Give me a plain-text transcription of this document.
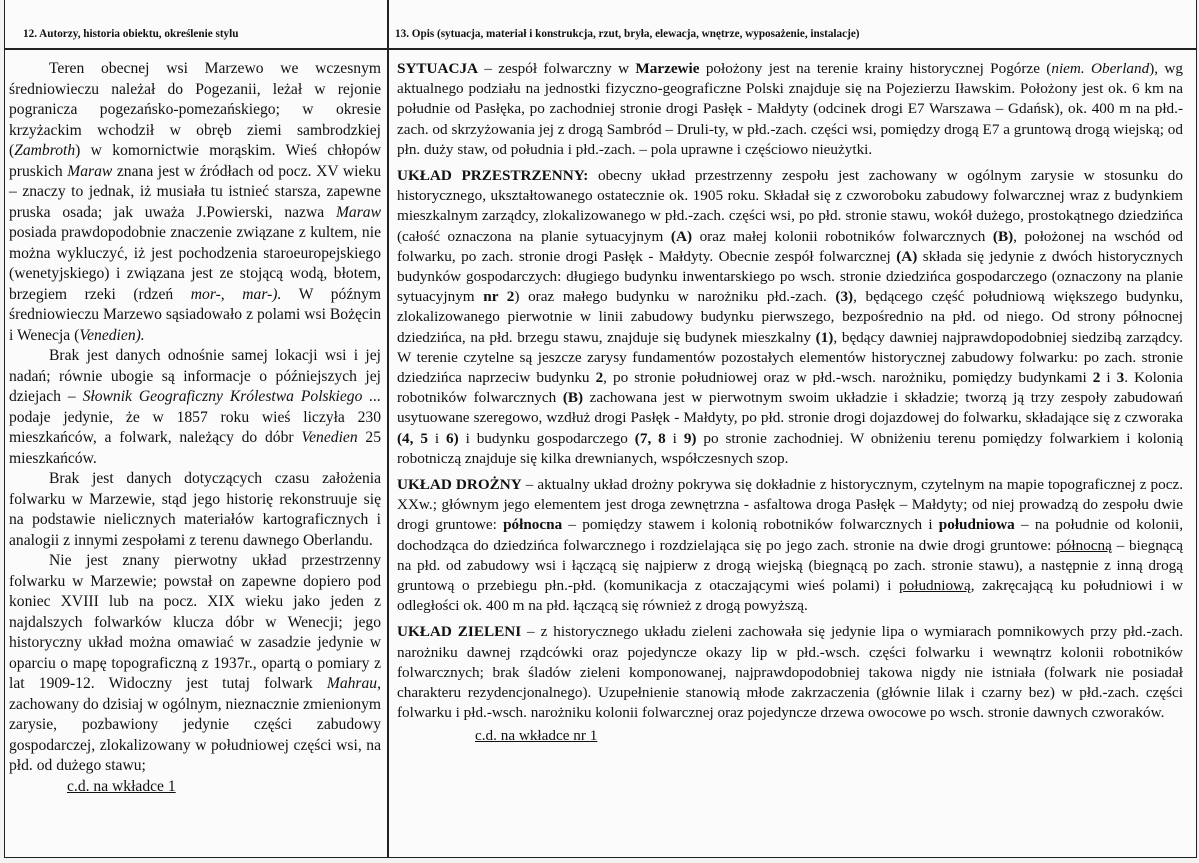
12. Autorzy, historia obiektu, określenie stylu	13. Opis (sytuacja, materiał i konstrukcja, rzut, bryła, elewacja, wnętrze, wyposażenie, instalacje)

Teren obecnej wsi Marzewo we wczesnym średniowieczu należał do Pogezanii, leżał w rejonie pogranicza pogezańsko-pomezańskiego; w okresie krzyżackim wchodził w obręb ziemi sambrodzkiej (Zambroth) w komornictwie morąskim. Wieś chłopów pruskich Maraw znana jest w źródłach od pocz. XV wieku – znaczy to jednak, iż musiała tu istnieć starsza, zapewne pruska osada; jak uważa J.Powierski, nazwa Maraw posiada prawdopodobnie znaczenie związane z kultem, nie można wykluczyć, iż jest pochodzenia staroeuropejskiego (wenetyjskiego) i związana jest ze stojącą wodą, błotem, brzegiem rzeki (rdzeń mor-, mar-). W późnym średniowieczu Marzewo sąsiadowało z polami wsi Bożęcin i Wenecja (Venedien).

Brak jest danych odnośnie samej lokacji wsi i jej nadań; równie ubogie są informacje o późniejszych jej dziejach – Słownik Geograficzny Królestwa Polskiego ... podaje jedynie, że w 1857 roku wieś liczyła 230 mieszkańców, a folwark, należący do dóbr Venedien 25 mieszkańców.

Brak jest danych dotyczących czasu założenia folwarku w Marzewie, stąd jego historię rekonstruuje się na podstawie nielicznych materiałów kartograficznych i analogii z innymi zespołami z terenu dawnego Oberlandu.

Nie jest znany pierwotny układ przestrzenny folwarku w Marzewie; powstał on zapewne dopiero pod koniec XVIII lub na pocz. XIX wieku jako jeden z najdalszych folwarków klucza dóbr w Wenecji; jego historyczny układ można omawiać w zasadzie jedynie w oparciu o mapę topograficzną z 1937r., opartą o pomiary z lat 1909-12. Widoczny jest tutaj folwark Mahrau, zachowany do dzisiaj w ogólnym, nieznacznie zmienionym zarysie, pozbawiony jedynie części zabudowy gospodarczej, zlokalizowany w południowej części wsi, na płd. od dużego stawu;

c.d. na wkładce 1

SYTUACJA – zespół folwarczny w Marzewie położony jest na terenie krainy historycznej Pogórze (niem. Oberland), wg aktualnego podziału na jednostki fizyczno-geograficzne Polski znajduje się na Pojezierzu Iławskim. Położony jest ok. 6 km na południe od Pasłęka, po zachodniej stronie drogi Pasłęk - Małdyty (odcinek drogi E7 Warszawa – Gdańsk), ok. 400 m na płd.-zach. od skrzyżowania jej z drogą Sambród – Druli-ty, w płd.-zach. części wsi, pomiędzy drogą E7 a gruntową drogą wiejską; od płn. duży staw, od południa i płd.-zach. – pola uprawne i częściowo nieużytki.

UKŁAD PRZESTRZENNY: obecny układ przestrzenny zespołu jest zachowany w ogólnym zarysie w stosunku do historycznego, ukształtowanego ostatecznie ok. 1905 roku. Składał się z czworoboku zabudowy folwarcznej wraz z budynkiem mieszkalnym zarządcy, zlokalizowanego w płd.-zach. części wsi, po płd. stronie stawu, wokół dużego, prostokątnego dziedzińca (całość oznaczona na planie sytuacyjnym (A) oraz małej kolonii robotników folwarcznych (B), położonej na wschód od folwarku, po zach. stronie drogi Pasłęk - Małdyty. Obecnie zespół folwarcznej (A) składa się jedynie z dwóch historycznych budynków gospodarczych: długiego budynku inwentarskiego po wsch. stronie dziedzińca gospodarczego (oznaczony na planie sytuacyjnym nr 2) oraz małego budynku w narożniku płd.-zach. (3), będącego część południową większego budynku, zlokalizowanego pierwotnie w linii zabudowy budynku pierwszego, bezpośrednio na płd. od niego. Od strony północnej dziedzińca, na płd. brzegu stawu, znajduje się budynek mieszkalny (1), będący dawniej najprawdopodobniej siedzibą zarządcy. W terenie czytelne są jeszcze zarysy fundamentów pozostałych elementów historycznej zabudowy folwarku: po zach. stronie dziedzińca naprzeciw budynku 2, po stronie południowej oraz w płd.-wsch. narożniku, pomiędzy budynkami 2 i 3. Kolonia robotników folwarcznych (B) zachowana jest w pierwotnym swoim układzie i składzie; tworzą ją trzy zespoły zabudowań usytuowane szeregowo, wzdłuż drogi Pasłęk - Małdyty, po płd. stronie drogi dojazdowej do folwarku, składające się z czworaka (4, 5 i 6) i budynku gospodarczego (7, 8 i 9) po stronie zachodniej. W obniżeniu terenu pomiędzy folwarkiem i kolonią robotniczą znajduje się kilka drewnianych, współczesnych szop.

UKŁAD DROŻNY – aktualny układ drożny pokrywa się dokładnie z historycznym, czytelnym na mapie topograficznej z pocz. XXw.; głównym jego elementem jest droga zewnętrzna - asfaltowa droga Pasłęk – Małdyty; od niej prowadzą do zespołu dwie drogi gruntowe: północna – pomiędzy stawem i kolonią robotników folwarcznych i południowa – na południe od kolonii, dochodząca do dziedzińca folwarcznego i rozdzielająca się po jego zach. stronie na dwie drogi gruntowe: północną – biegnącą na płd. od zabudowy wsi i łączącą się najpierw z drogą wiejską (biegnącą po zach. stronie stawu), a następnie z inną drogą gruntową o przebiegu płn.-płd. (komunikacja z otaczającymi wieś polami) i południową, zakręcającą ku południowi i w odległości ok. 400 m na płd. łączącą się również z drogą powyższą.

UKŁAD ZIELENI – z historycznego układu zieleni zachowała się jedynie lipa o wymiarach pomnikowych przy płd.-zach. narożniku dawnej rządcówki oraz pojedyncze okazy lip w płd.-wsch. części folwarku i wewnątrz kolonii robotników folwarcznych; brak śladów zieleni komponowanej, najprawdopodobniej takowa nigdy nie istniała (folwark nie posiadał charakteru rezydencjonalnego). Uzupełnienie stanowią młode zakrzaczenia (głównie lilak i czarny bez) w płd.-zach. części folwarku i płd.-wsch. narożniku kolonii folwarcznej oraz pojedyncze drzewa owocowe po wsch. stronie dawnych czworaków.

c.d. na wkładce nr 1
